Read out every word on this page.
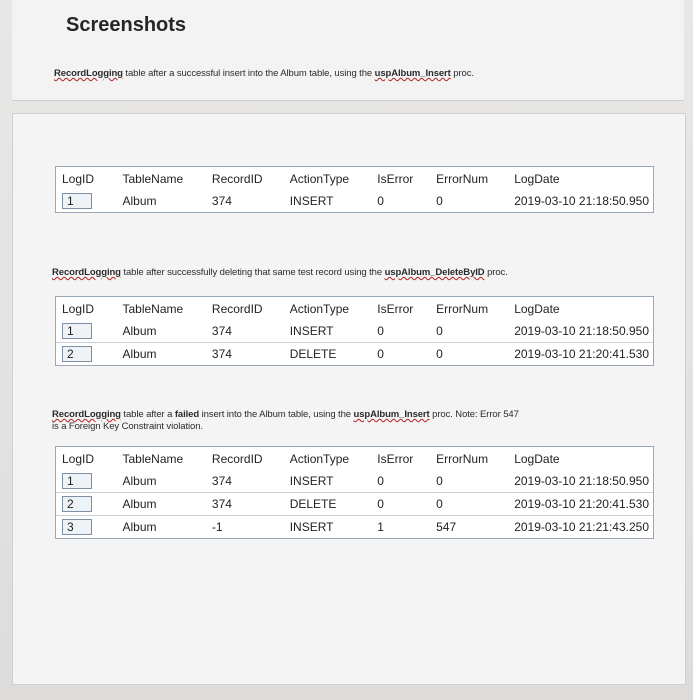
Screenshots
RecordLogging table after a successful insert into the Album table, using the uspAlbum_Insert proc.
LogID	TableName	RecordID	ActionType	IsError	ErrorNum	LogDate
1	Album	374	INSERT	0	0	2019-03-10 21:18:50.950
RecordLogging table after successfully deleting that same test record using the uspAlbum_DeleteByID proc.
LogID	TableName	RecordID	ActionType	IsError	ErrorNum	LogDate
1	Album	374	INSERT	0	0	2019-03-10 21:18:50.950
2	Album	374	DELETE	0	0	2019-03-10 21:20:41.530
RecordLogging table after a failed insert into the Album table, using the uspAlbum_Insert proc. Note: Error 547
is a Foreign Key Constraint violation.
LogID	TableName	RecordID	ActionType	IsError	ErrorNum	LogDate
1	Album	374	INSERT	0	0	2019-03-10 21:18:50.950
2	Album	374	DELETE	0	0	2019-03-10 21:20:41.530
3	Album	-1	INSERT	1	547	2019-03-10 21:21:43.250
